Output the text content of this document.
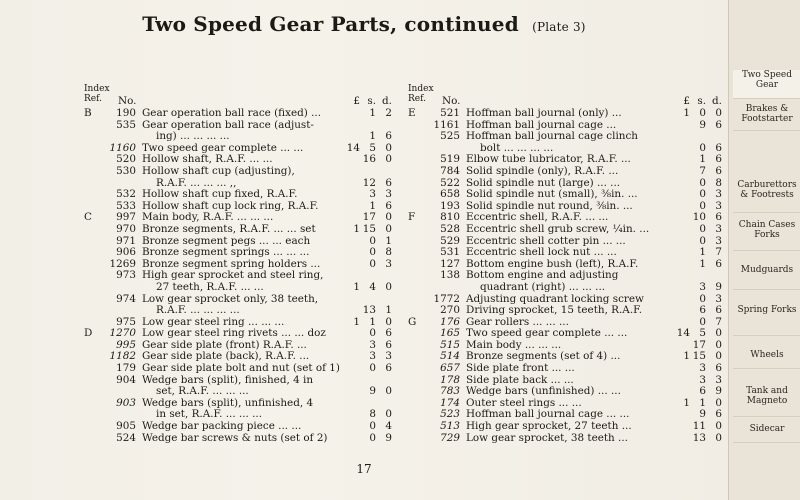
Two Speed Gear Parts, continued (Plate 3)
Index
Ref.	No.	£ s. d.
B	190 Gear operation ball race (fixed) ...	1 2
535 Gear operation ball race (adjust-
ing) ... ... ... ...	1 6
1160 Two speed gear complete ... ...	14 5 0
520 Hollow shaft, R.A.F. ... ...	16 0
530 Hollow shaft cup (adjusting),
R.A.F. ... ... ... ,,	12 6
532 Hollow shaft cup fixed, R.A.F.	3 3
533 Hollow shaft cup lock ring, R.A.F.	1 6
C	997 Main body, R.A.F. ... ... ...	17 0
970 Bronze segments, R.A.F. ... ... set	1 15 0
971 Bronze segment pegs ... ... each	0 1
906 Bronze segment springs ... ... ...	0 8
1269 Bronze segment spring holders ...	0 3
973 High gear sprocket and steel ring,
27 teeth, R.A.F. ... ...	1 4 0
974 Low gear sprocket only, 38 teeth,
R.A.F. ... ... ... ...	13 1
975 Low gear steel ring ... ... ...	1 1 0
D	1270 Low gear steel ring rivets ... ... doz	0 6
995 Gear side plate (front) R.A.F. ...	3 6
1182 Gear side plate (back), R.A.F. ...	3 3
179 Gear side plate bolt and nut (set of 1)	0 6
904 Wedge bars (split), finished, 4 in
set, R.A.F. ... ... ...	9 0
903 Wedge bars (split), unfinished, 4
in set, R.A.F. ... ... ...	8 0
905 Wedge bar packing piece ... ...	0 4
524 Wedge bar screws & nuts (set of 2)	0 9
Index
Ref.	No.	£ s. d.
E	521 Hoffman ball journal (only) ...	1 0 0
1161 Hoffman ball journal cage ...	9 6
525 Hoffman ball journal cage clinch
bolt ... ... ... ...	0 6
519 Elbow tube lubricator, R.A.F. ...	1 6
784 Solid spindle (only), R.A.F. ...	7 6
522 Solid spindle nut (large) ... ...	0 8
658 Solid spindle nut (small), ⅜in. ...	0 3
193 Solid spindle nut round, ⅜in. ...	0 3
F	810 Eccentric shell, R.A.F. ... ...	10 6
528 Eccentric shell grub screw, ¼in. ...	0 3
529 Eccentric shell cotter pin ... ...	0 3
531 Eccentric shell lock nut ... ...	1 7
127 Bottom engine bush (left), R.A.F.	1 6
138 Bottom engine and adjusting
quadrant (right) ... ... ...	3 9
1772 Adjusting quadrant locking screw	0 3
270 Driving sprocket, 15 teeth, R.A.F.	6 6
G	176 Gear rollers ... ... ...	0 7
165 Two speed gear complete ... ...	14 5 0
515 Main body ... ... ...	17 0
514 Bronze segments (set of 4) ...	1 15 0
657 Side plate front ... ...	3 6
178 Side plate back ... ...	3 3
783 Wedge bars (unfinished) ... ...	6 9
174 Outer steel rings ... ...	1 1 0
523 Hoffman ball journal cage ... ...	9 6
513 High gear sprocket, 27 teeth ...	11 0
729 Low gear sprocket, 38 teeth ...	13 0
17
Two Speed Gear
Brakes & Footstarter
Carburettors & Footrests
Chain Cases Forks
Mudguards
Spring Forks
Wheels
Tank and Magneto
Sidecar
